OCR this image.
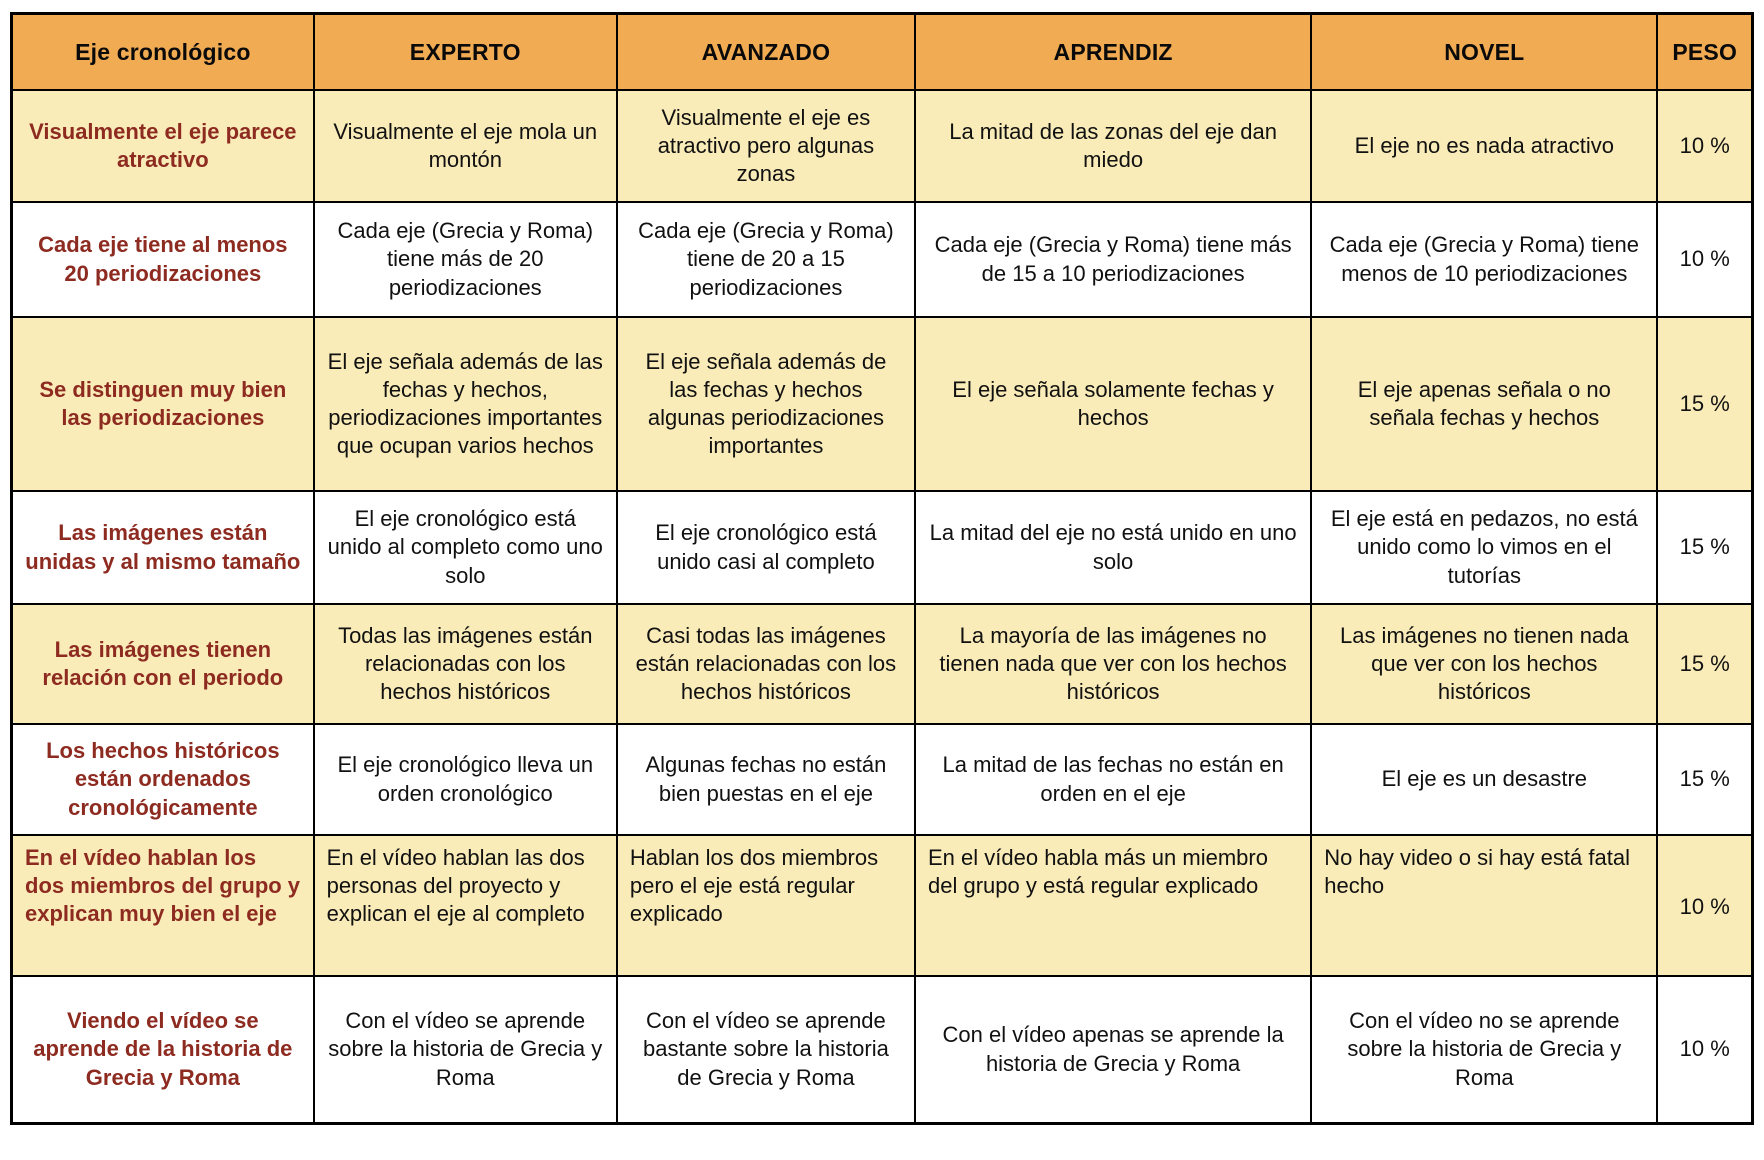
Eje cronológico	EXPERTO	AVANZADO	APRENDIZ	NOVEL	PESO
Visualmente el eje parece atractivo	Visualmente el eje mola un montón	Visualmente el eje es atractivo pero algunas zonas	La mitad de las zonas del eje dan miedo	El eje no es nada atractivo	10 %
Cada eje tiene al menos 20 periodizaciones	Cada eje (Grecia y Roma) tiene más de 20 periodizaciones	Cada eje (Grecia y Roma) tiene de 20 a 15 periodizaciones	Cada eje (Grecia y Roma) tiene más de 15 a 10 periodizaciones	Cada eje (Grecia y Roma) tiene menos de 10 periodizaciones	10 %
Se distinguen muy bien las periodizaciones	El eje señala además de las fechas y hechos, periodizaciones importantes que ocupan varios hechos	El eje señala además de las fechas y hechos algunas periodizaciones importantes	El eje señala solamente fechas y hechos	El eje apenas señala o no señala fechas y hechos	15 %
Las imágenes están unidas y al mismo tamaño	El eje cronológico está unido al completo como uno solo	El eje cronológico está unido casi al completo	La mitad del eje no está unido en uno solo	El eje está en pedazos, no está unido como lo vimos en el tutorías	15 %
Las imágenes tienen relación con el periodo	Todas las imágenes están relacionadas con los hechos históricos	Casi todas las imágenes están relacionadas con los hechos históricos	La mayoría de las imágenes no tienen nada que ver con los hechos históricos	Las imágenes no tienen nada que ver con los hechos históricos	15 %
Los hechos históricos están ordenados cronológicamente	El eje cronológico lleva un orden cronológico	Algunas fechas no están bien puestas en el eje	La mitad de las fechas no están en orden en el eje	El eje es un desastre	15 %
En el vídeo hablan los dos miembros del grupo y explican muy bien el eje	En el vídeo hablan las dos personas del proyecto y explican el eje al completo	Hablan los dos miembros pero el eje está regular explicado	En el vídeo habla más un miembro del grupo y está regular explicado	No hay video o si hay está fatal hecho	10 %
Viendo el vídeo se aprende de la historia de Grecia y Roma	Con el vídeo se aprende sobre la historia de Grecia y Roma	Con el vídeo se aprende bastante sobre la historia de Grecia y Roma	Con el vídeo apenas se aprende la historia de Grecia y Roma	Con el vídeo no se aprende sobre la historia de Grecia y Roma	10 %
